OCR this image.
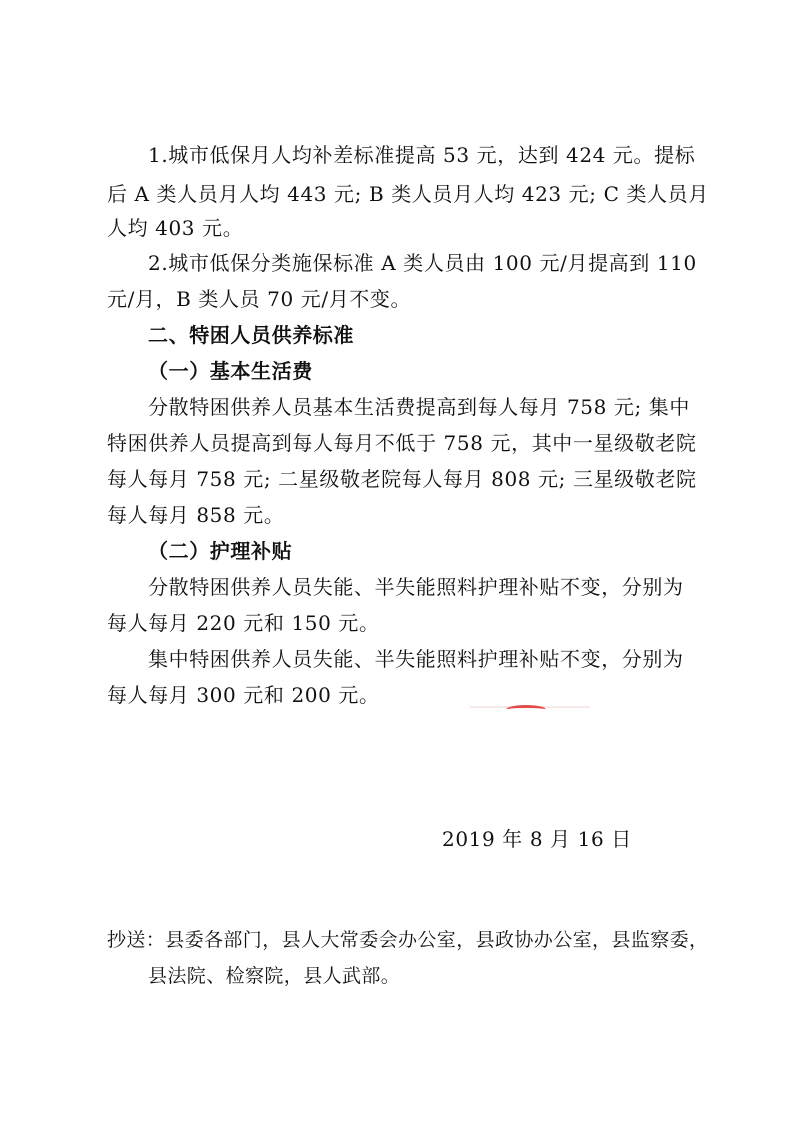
1.城市低保月人均补差标准提高 53 元，达到 424 元。提标
后 A 类人员月人均 443 元; B 类人员月人均 423 元; C 类人员月
人均 403 元。
2.城市低保分类施保标准 A 类人员由 100 元/月提高到 110
元/月，B 类人员 70 元/月不变。
二、特困人员供养标准
（一）基本生活费
分散特困供养人员基本生活费提高到每人每月 758 元; 集中
特困供养人员提高到每人每月不低于 758 元，其中一星级敬老院
每人每月 758 元; 二星级敬老院每人每月 808 元; 三星级敬老院
每人每月 858 元。
（二）护理补贴
分散特困供养人员失能、半失能照料护理补贴不变，分别为
每人每月 220 元和 150 元。
集中特困供养人员失能、半失能照料护理补贴不变，分别为
每人每月 300 元和 200 元。
2019 年 8 月 16 日
抄送：县委各部门，县人大常委会办公室，县政协办公室，县监察委，
县法院、检察院，县人武部。
